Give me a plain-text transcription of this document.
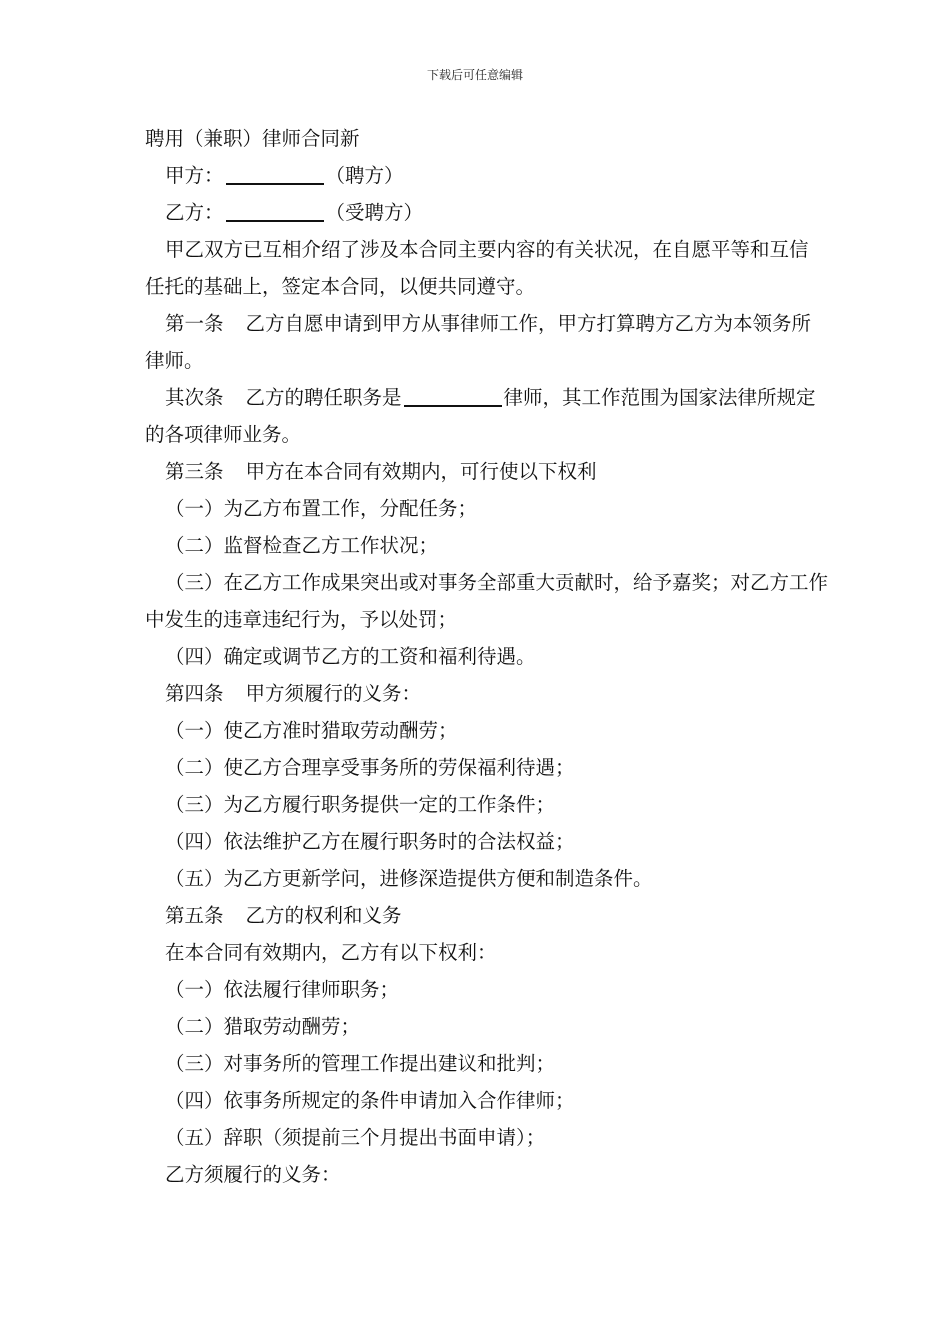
下载后可任意编辑

聘用（兼职）律师合同新

甲方：	（聘方）

乙方：	（受聘方）

甲乙双方已互相介绍了涉及本合同主要内容的有关状况，在自愿平等和互信任托的基础上，签定本合同，以便共同遵守。

第一条 乙方自愿申请到甲方从事律师工作，甲方打算聘方乙方为本领务所律师。

其次条 乙方的聘任职务是	律师，其工作范围为国家法律所规定的各项律师业务。

第三条 甲方在本合同有效期内，可行使以下权利

（一）为乙方布置工作，分配任务；

（二）监督检查乙方工作状况；

（三）在乙方工作成果突出或对事务全部重大贡献时，给予嘉奖；对乙方工作中发生的违章违纪行为，予以处罚；

（四）确定或调节乙方的工资和福利待遇。

第四条 甲方须履行的义务：

（一）使乙方准时猎取劳动酬劳；

（二）使乙方合理享受事务所的劳保福利待遇；

（三）为乙方履行职务提供一定的工作条件；

（四）依法维护乙方在履行职务时的合法权益；

（五）为乙方更新学问，进修深造提供方便和制造条件。

第五条 乙方的权利和义务

在本合同有效期内，乙方有以下权利：

（一）依法履行律师职务；

（二）猎取劳动酬劳；

（三）对事务所的管理工作提出建议和批判；

（四）依事务所规定的条件申请加入合作律师；

（五）辞职（须提前三个月提出书面申请）；

乙方须履行的义务：
